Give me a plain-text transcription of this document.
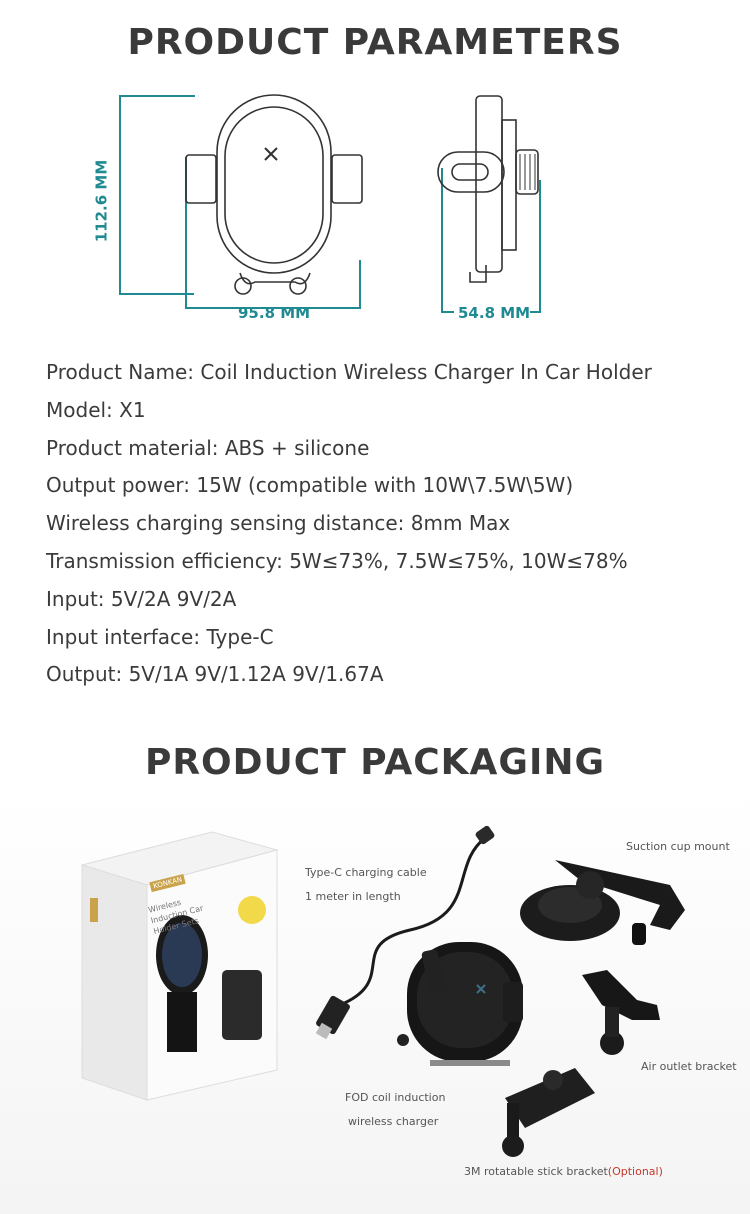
PRODUCT PARAMETERS
112.6 MM
95.8 MM	54.8 MM
Product Name: Coil Induction Wireless Charger In Car Holder
Model: X1
Product material: ABS + silicone
Output power: 15W (compatible with 10W\7.5W\5W)
Wireless charging sensing distance: 8mm Max
Transmission efficiency: 5W≤73%, 7.5W≤75%, 10W≤78%
Input: 5V/2A 9V/2A
Input interface: Type-C
Output: 5V/1A 9V/1.12A 9V/1.67A
PRODUCT PACKAGING
KONKAN
Wireless Induction Car Holder Sets
Type-C charging cable
1 meter in length
Suction cup mount
FOD coil induction
wireless charger
Air outlet bracket
3M rotatable stick bracket(Optional)
